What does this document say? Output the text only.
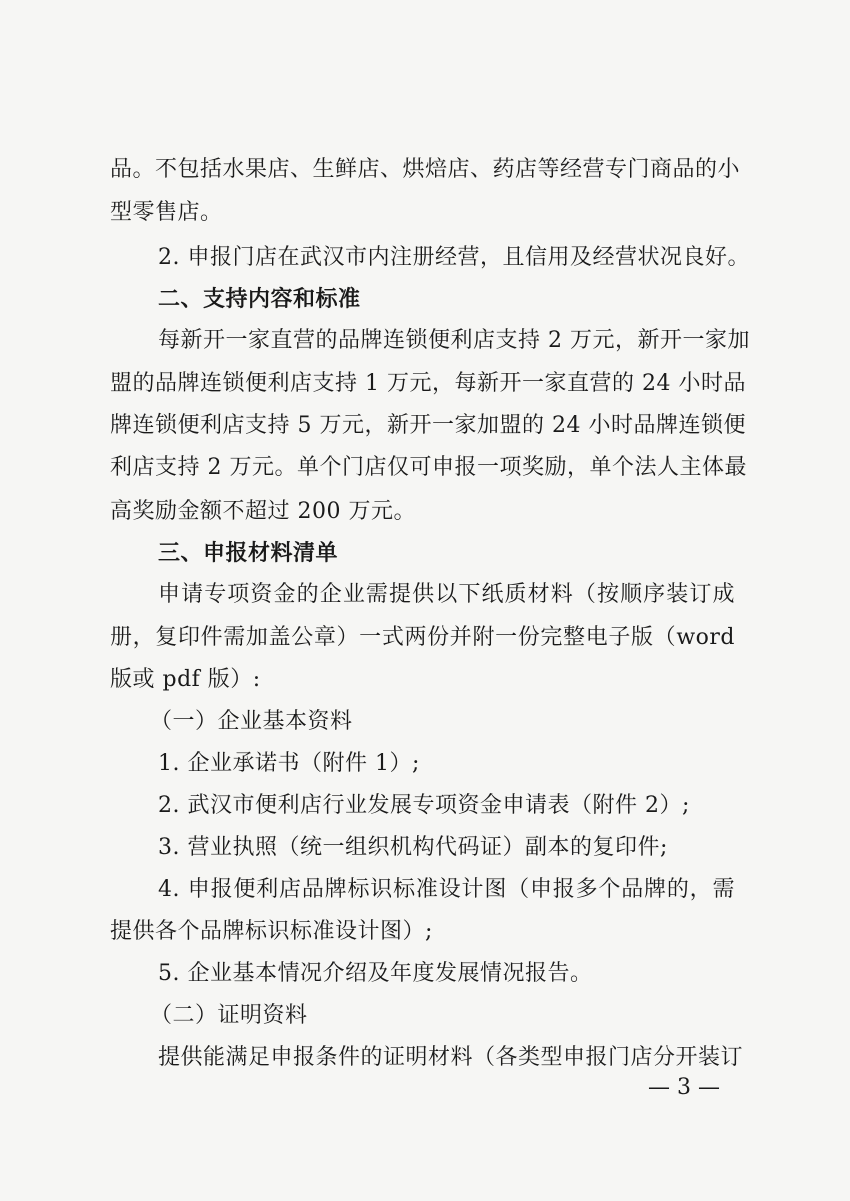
品。不包括水果店、生鲜店、烘焙店、药店等经营专门商品的小
型零售店。
2. 申报门店在武汉市内注册经营，且信用及经营状况良好。
二、支持内容和标准
每新开一家直营的品牌连锁便利店支持 2 万元，新开一家加
盟的品牌连锁便利店支持 1 万元，每新开一家直营的 24 小时品
牌连锁便利店支持 5 万元，新开一家加盟的 24 小时品牌连锁便
利店支持 2 万元。单个门店仅可申报一项奖励，单个法人主体最
高奖励金额不超过 200 万元。
三、申报材料清单
申请专项资金的企业需提供以下纸质材料（按顺序装订成
册，复印件需加盖公章）一式两份并附一份完整电子版（word
版或 pdf 版）:
（一）企业基本资料
1. 企业承诺书（附件 1）;
2. 武汉市便利店行业发展专项资金申请表（附件 2）;
3. 营业执照（统一组织机构代码证）副本的复印件;
4. 申报便利店品牌标识标准设计图（申报多个品牌的，需
提供各个品牌标识标准设计图）;
5. 企业基本情况介绍及年度发展情况报告。
（二）证明资料
提供能满足申报条件的证明材料（各类型申报门店分开装订
— 3 —
